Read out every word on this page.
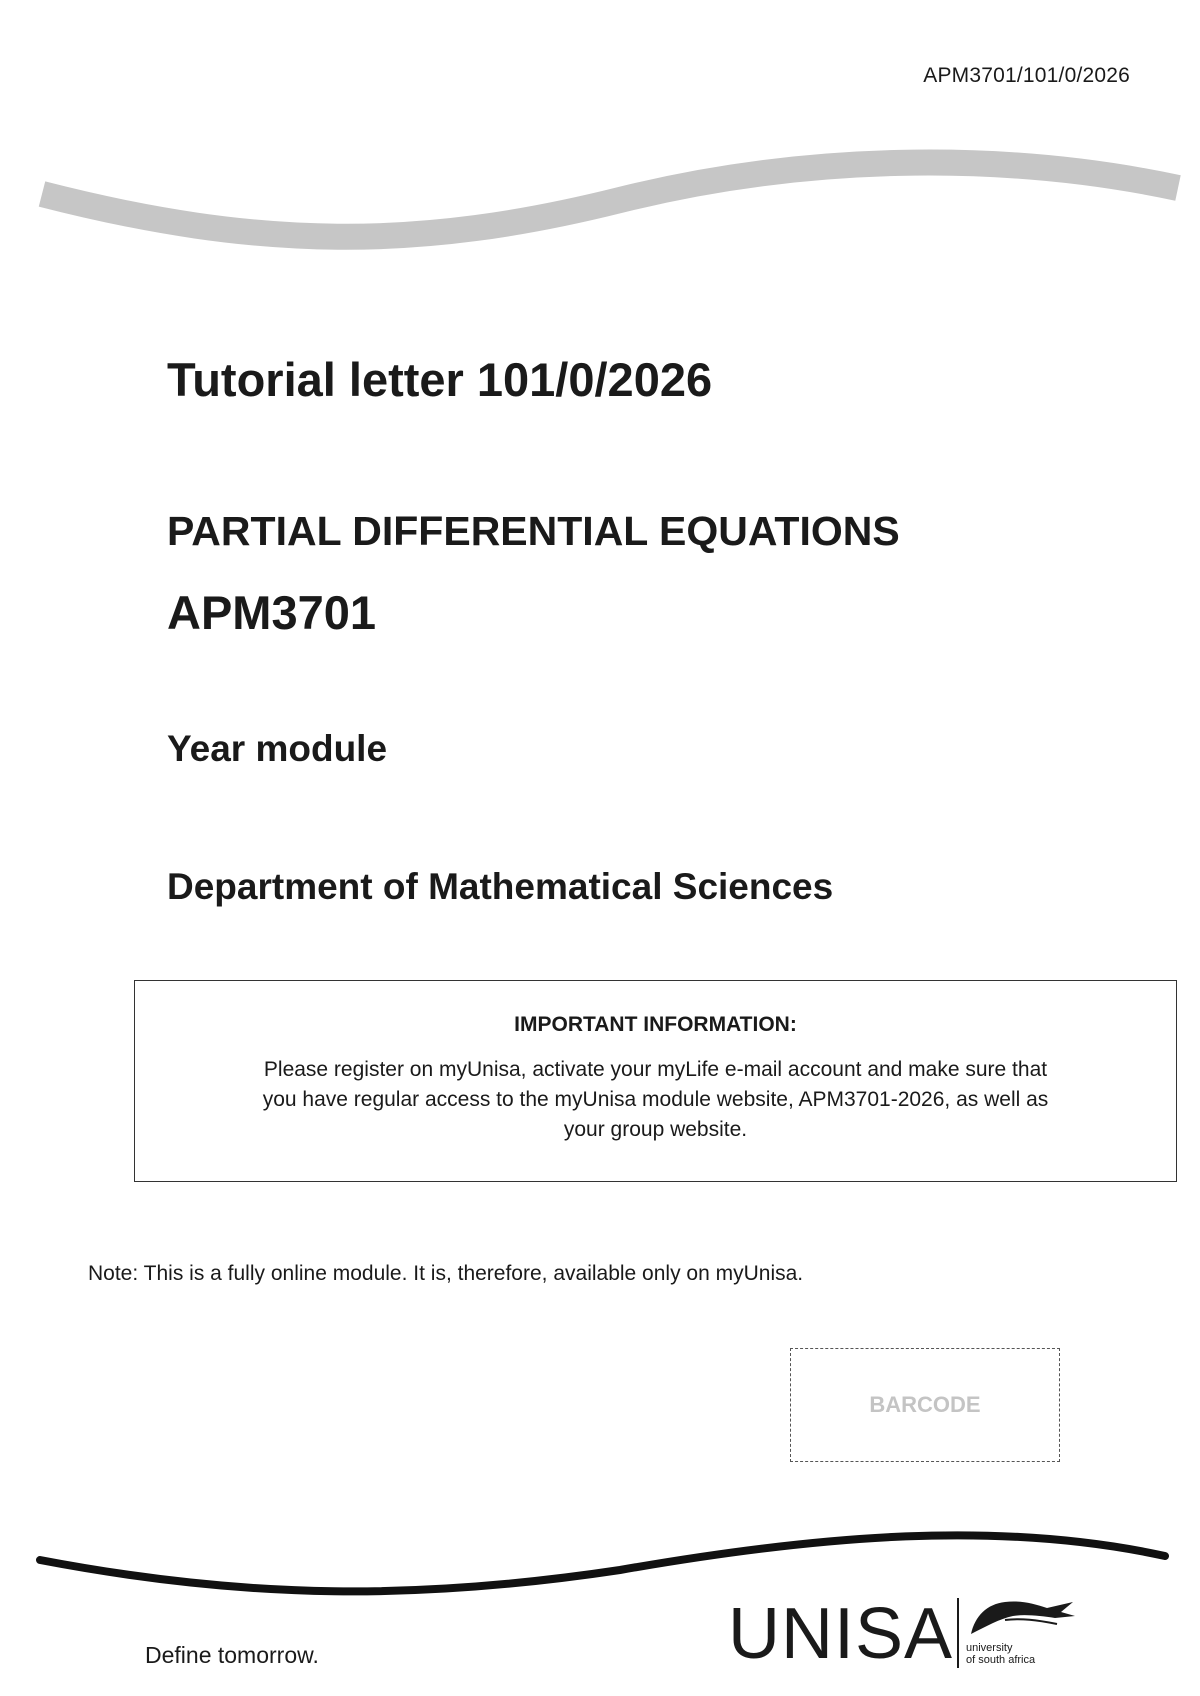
APM3701/101/0/2026
Tutorial letter 101/0/2026
PARTIAL DIFFERENTIAL EQUATIONS
APM3701
Year module
Department of Mathematical Sciences
IMPORTANT INFORMATION:
Please register on myUnisa, activate your myLife e-mail account and make sure that you have regular access to the myUnisa module website, APM3701-2026, as well as your group website.
Note: This is a fully online module. It is, therefore, available only on myUnisa.
BARCODE
Define tomorrow.	UNISA university
of south africa
